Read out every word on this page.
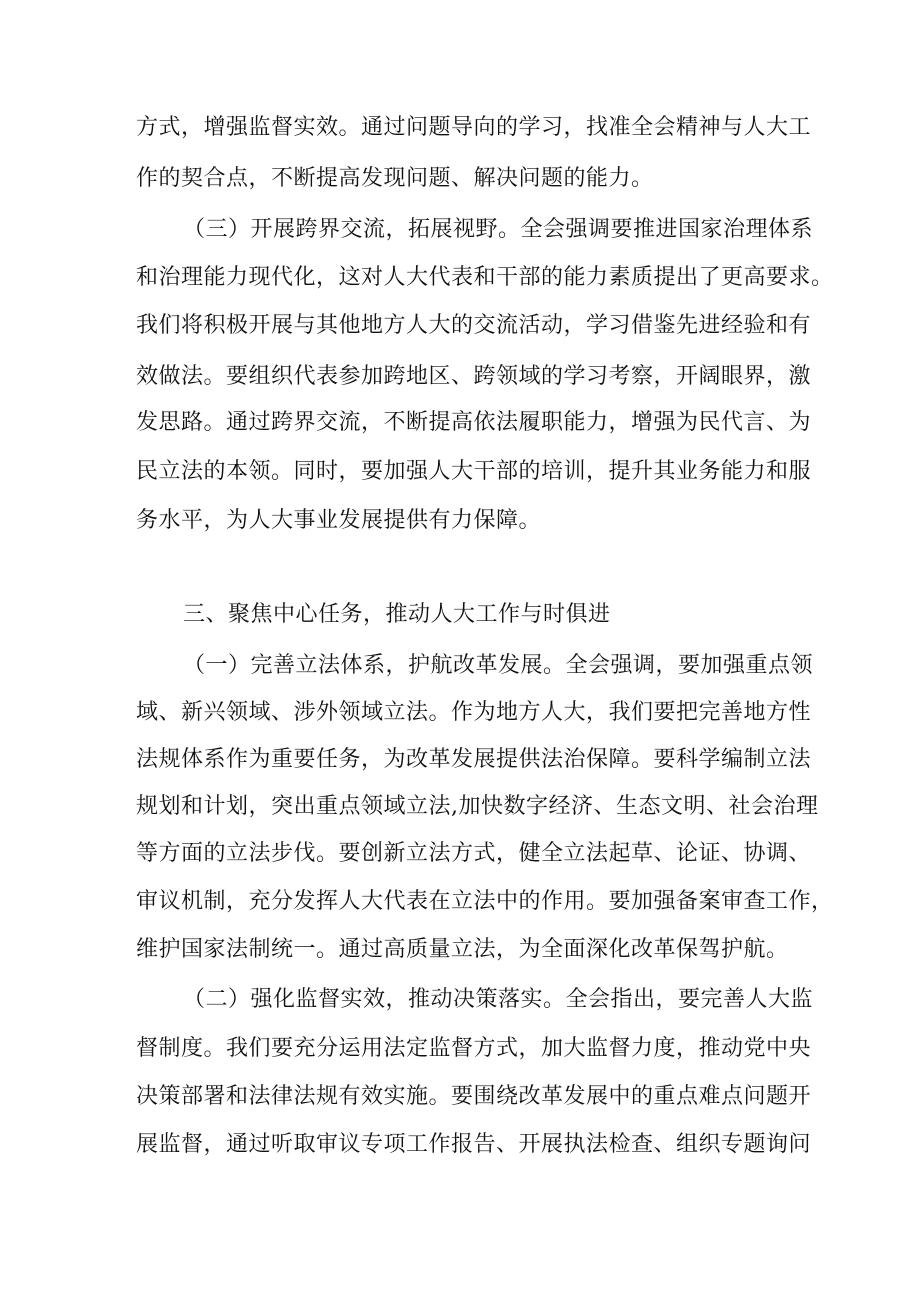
方式，增强监督实效。通过问题导向的学习，找准全会精神与人大工
作的契合点，不断提高发现问题、解决问题的能力。
（三）开展跨界交流，拓展视野。全会强调要推进国家治理体系
和治理能力现代化，这对人大代表和干部的能力素质提出了更高要求。
我们将积极开展与其他地方人大的交流活动，学习借鉴先进经验和有
效做法。要组织代表参加跨地区、跨领域的学习考察，开阔眼界，激
发思路。通过跨界交流，不断提高依法履职能力，增强为民代言、为
民立法的本领。同时，要加强人大干部的培训，提升其业务能力和服
务水平，为人大事业发展提供有力保障。
三、聚焦中心任务，推动人大工作与时俱进
（一）完善立法体系，护航改革发展。全会强调，要加强重点领
域、新兴领域、涉外领域立法。作为地方人大，我们要把完善地方性
法规体系作为重要任务，为改革发展提供法治保障。要科学编制立法
规划和计划，突出重点领域立法,加快数字经济、生态文明、社会治理
等方面的立法步伐。要创新立法方式，健全立法起草、论证、协调、
审议机制，充分发挥人大代表在立法中的作用。要加强备案审查工作，
维护国家法制统一。通过高质量立法，为全面深化改革保驾护航。
（二）强化监督实效，推动决策落实。全会指出，要完善人大监
督制度。我们要充分运用法定监督方式，加大监督力度，推动党中央
决策部署和法律法规有效实施。要围绕改革发展中的重点难点问题开
展监督，通过听取审议专项工作报告、开展执法检查、组织专题询问
